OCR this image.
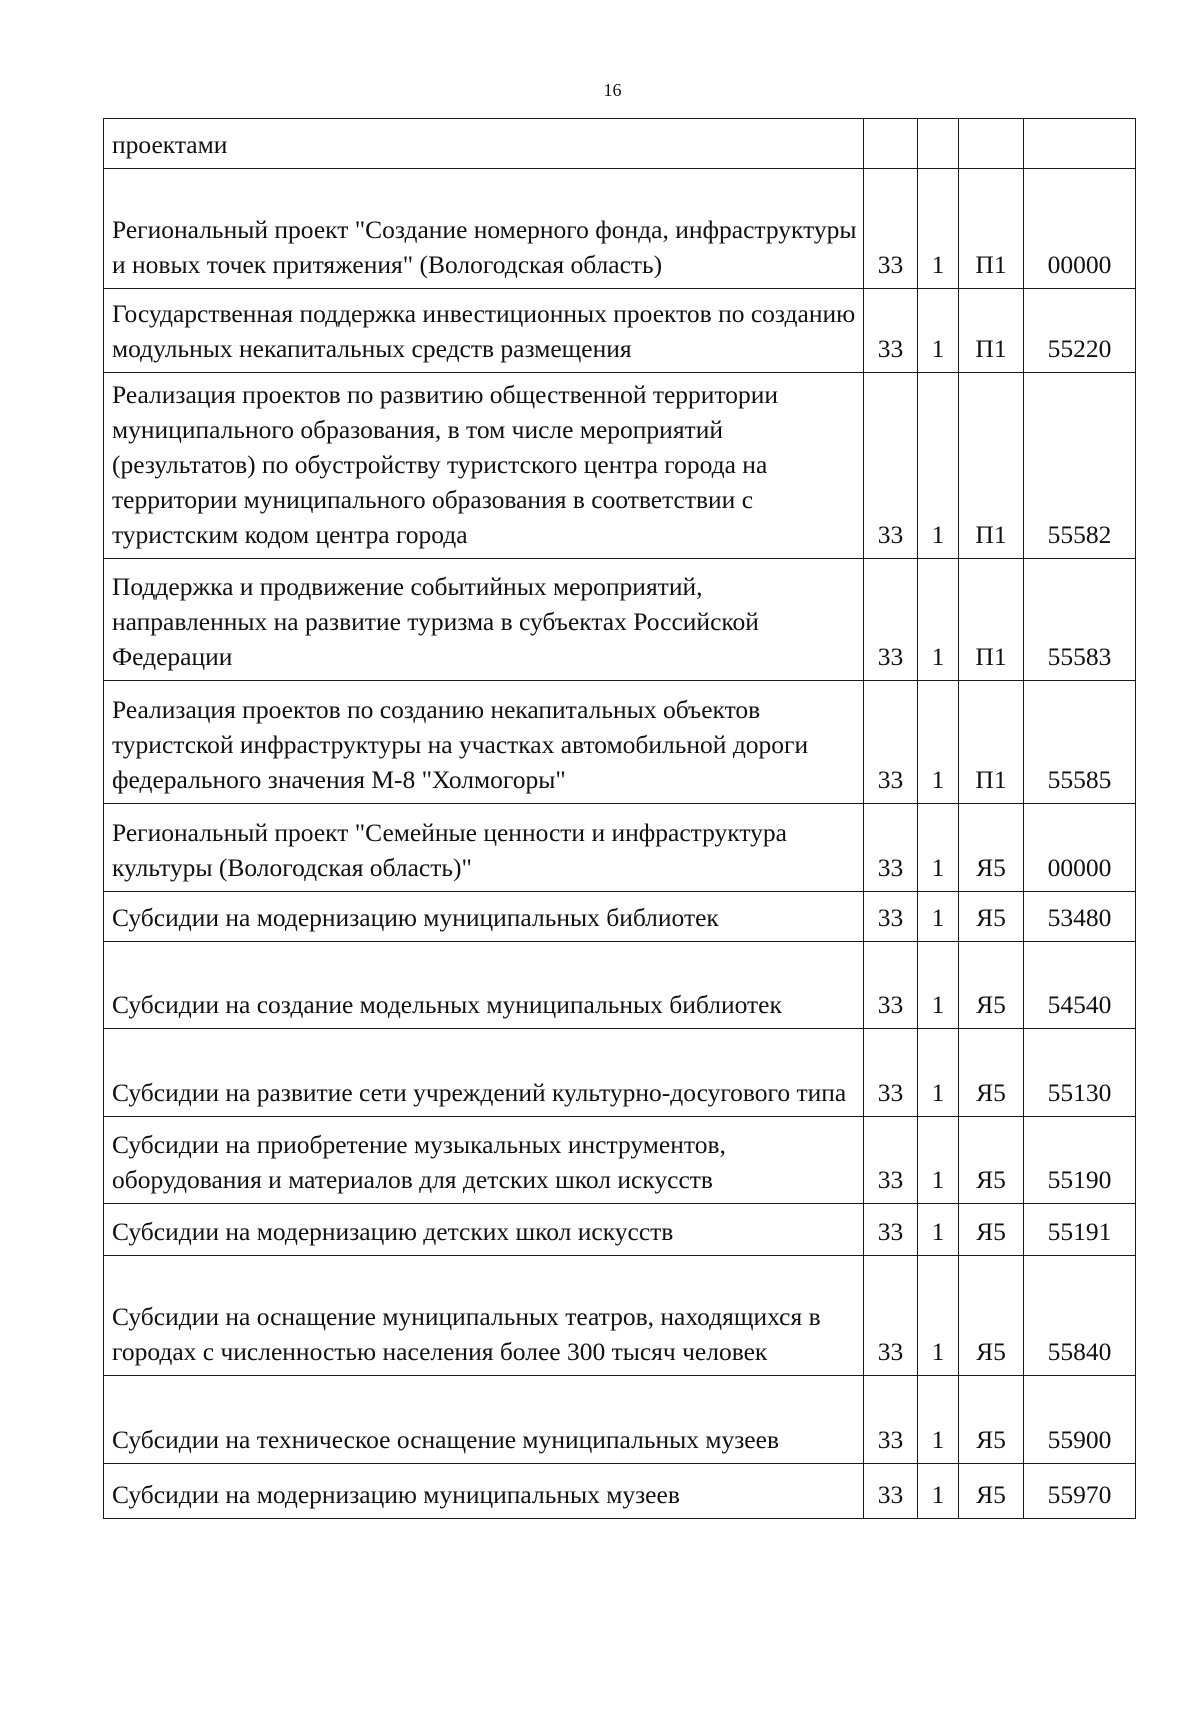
16
проектами				
Региональный проект "Создание номерного фонда, инфраструктуры и новых точек притяжения" (Вологодская область)	33	1	П1	00000
Государственная поддержка инвестиционных проектов по созданию модульных некапитальных средств размещения	33	1	П1	55220
Реализация проектов по развитию общественной территории муниципального образования, в том числе мероприятий (результатов) по обустройству туристского центра города на территории муниципального образования в соответствии с туристским кодом центра города	33	1	П1	55582
Поддержка и продвижение событийных мероприятий, направленных на развитие туризма в субъектах Российской Федерации	33	1	П1	55583
Реализация проектов по созданию некапитальных объектов туристской инфраструктуры на участках автомобильной дороги федерального значения М-8 "Холмогоры"	33	1	П1	55585
Региональный проект "Семейные ценности и инфраструктура культуры (Вологодская область)"	33	1	Я5	00000
Субсидии на модернизацию муниципальных библиотек	33	1	Я5	53480
Субсидии на создание модельных муниципальных библиотек	33	1	Я5	54540
Субсидии на развитие сети учреждений культурно-досугового типа	33	1	Я5	55130
Субсидии на приобретение музыкальных инструментов, оборудования и материалов для детских школ искусств	33	1	Я5	55190
Субсидии на модернизацию детских школ искусств	33	1	Я5	55191
Субсидии на оснащение муниципальных театров, находящихся в городах с численностью населения более 300 тысяч человек	33	1	Я5	55840
Субсидии на техническое оснащение муниципальных музеев	33	1	Я5	55900
Субсидии на модернизацию муниципальных музеев	33	1	Я5	55970
